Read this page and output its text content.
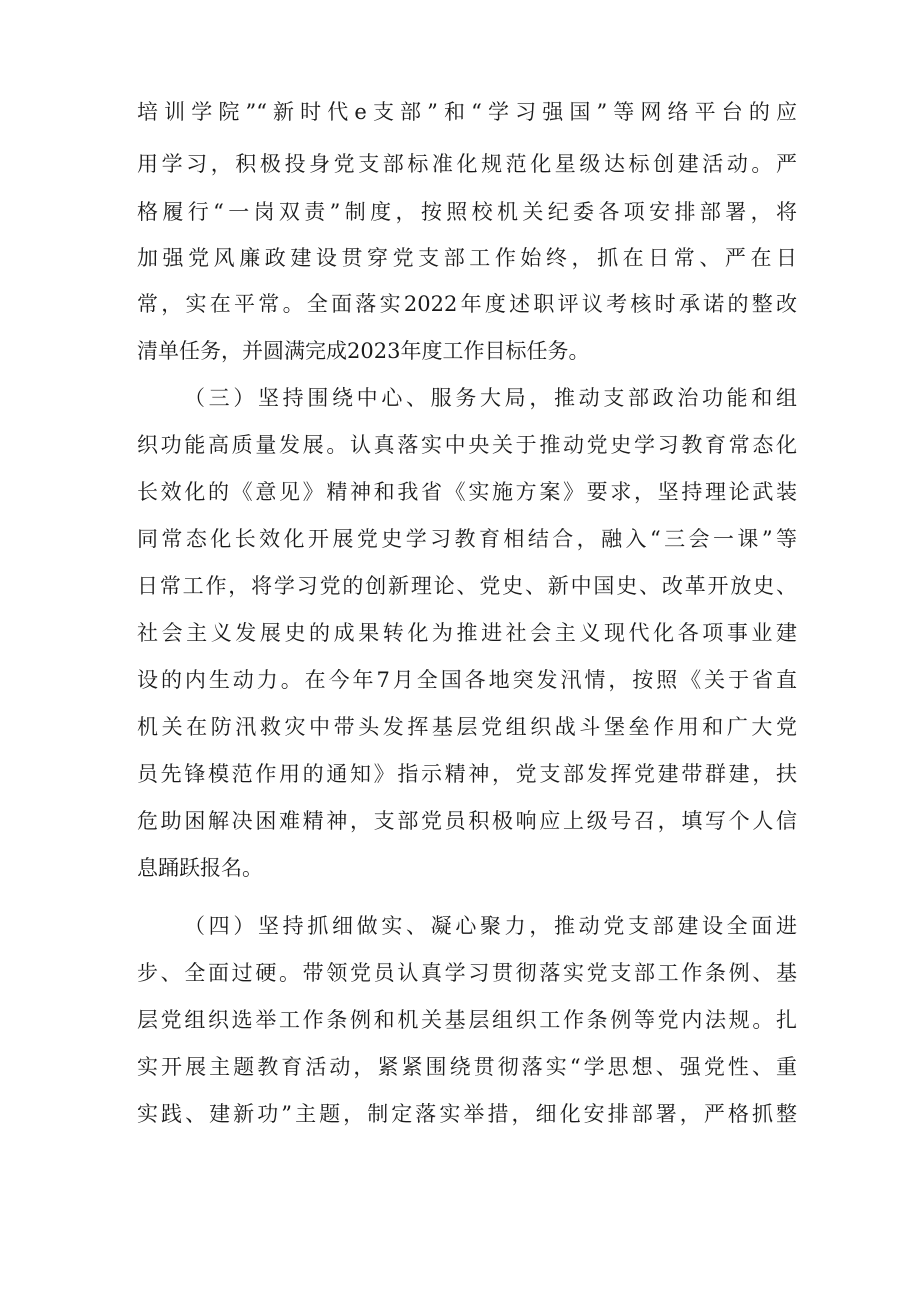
培训学院”“新时代e支部”和“学习强国”等网络平台的应
用学习，积极投身党支部标准化规范化星级达标创建活动。严
格履行“一岗双责”制度，按照校机关纪委各项安排部署，将
加强党风廉政建设贯穿党支部工作始终，抓在日常、严在日
常，实在平常。全面落实2022年度述职评议考核时承诺的整改
清单任务，并圆满完成2023年度工作目标任务。
（三）坚持围绕中心、服务大局，推动支部政治功能和组
织功能高质量发展。认真落实中央关于推动党史学习教育常态化
长效化的《意见》精神和我省《实施方案》要求，坚持理论武装
同常态化长效化开展党史学习教育相结合，融入“三会一课”等
日常工作，将学习党的创新理论、党史、新中国史、改革开放史、
社会主义发展史的成果转化为推进社会主义现代化各项事业建
设的内生动力。在今年7月全国各地突发汛情，按照《关于省直
机关在防汛救灾中带头发挥基层党组织战斗堡垒作用和广大党
员先锋模范作用的通知》指示精神，党支部发挥党建带群建，扶
危助困解决困难精神，支部党员积极响应上级号召，填写个人信
息踊跃报名。
（四）坚持抓细做实、凝心聚力，推动党支部建设全面进
步、全面过硬。带领党员认真学习贯彻落实党支部工作条例、基
层党组织选举工作条例和机关基层组织工作条例等党内法规。扎
实开展主题教育活动，紧紧围绕贯彻落实“学思想、强党性、重
实践、建新功”主题，制定落实举措，细化安排部署，严格抓整
